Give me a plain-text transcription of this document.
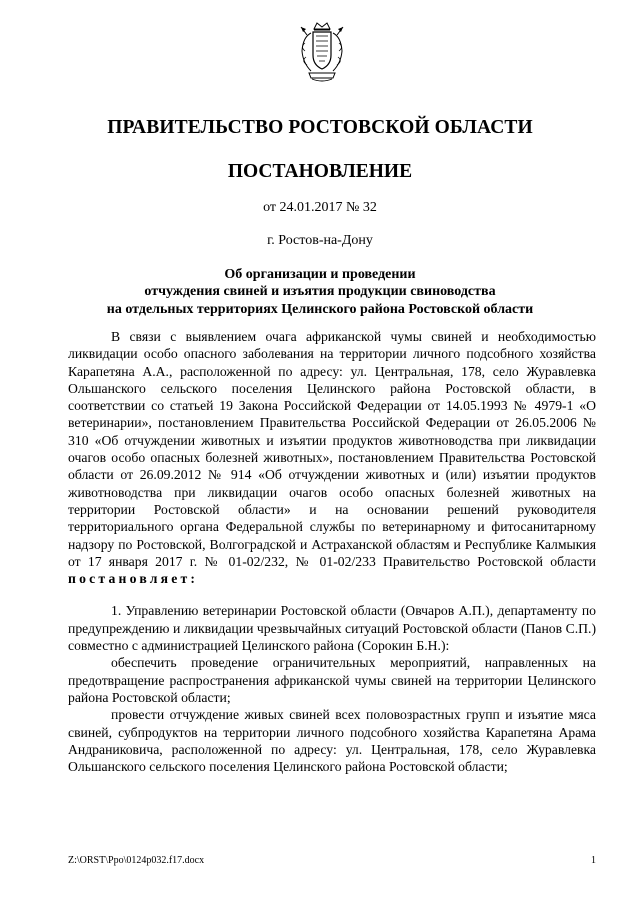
ПРАВИТЕЛЬСТВО РОСТОВСКОЙ ОБЛАСТИ
ПОСТАНОВЛЕНИЕ

от 24.01.2017 № 32

г. Ростов-на-Дону

Об организации и проведении
отчуждения свиней и изъятия продукции свиноводства
на отдельных территориях Целинского района Ростовской области

В связи с выявлением очага африканской чумы свиней и необходимостью ликвидации особо опасного заболевания на территории личного подсобного хозяйства Карапетяна А.А., расположенной по адресу: ул. Центральная, 178, село Журавлевка Ольшанского сельского поселения Целинского района Ростовской области, в соответствии со статьей 19 Закона Российской Федерации от 14.05.1993 № 4979-1 «О ветеринарии», постановлением Правительства Российской Федерации от 26.05.2006 № 310 «Об отчуждении животных и изъятии продуктов животноводства при ликвидации очагов особо опасных болезней животных», постановлением Правительства Ростовской области от 26.09.2012 № 914 «Об отчуждении животных и (или) изъятии продуктов животноводства при ликвидации очагов особо опасных болезней животных на территории Ростовской области» и на основании решений руководителя территориального органа Федеральной службы по ветеринарному и фитосанитарному надзору по Ростовской, Волгоградской и Астраханской областям и Республике Калмыкия от 17 января 2017 г. № 01-02/232, № 01-02/233 Правительство Ростовской области постановляет:

1. Управлению ветеринарии Ростовской области (Овчаров А.П.), департаменту по предупреждению и ликвидации чрезвычайных ситуаций Ростовской области (Панов С.П.) совместно с администрацией Целинского района (Сорокин Б.Н.):

обеспечить проведение ограничительных мероприятий, направленных на предотвращение распространения африканской чумы свиней на территории Целинского района Ростовской области;

провести отчуждение живых свиней всех половозрастных групп и изъятие мяса свиней, субпродуктов на территории личного подсобного хозяйства Карапетяна Арама Андраниковича, расположенной по адресу: ул. Центральная, 178, село Журавлевка Ольшанского сельского поселения Целинского района Ростовской области;

Z:\ORST\Ppo\0124p032.f17.docx	1
